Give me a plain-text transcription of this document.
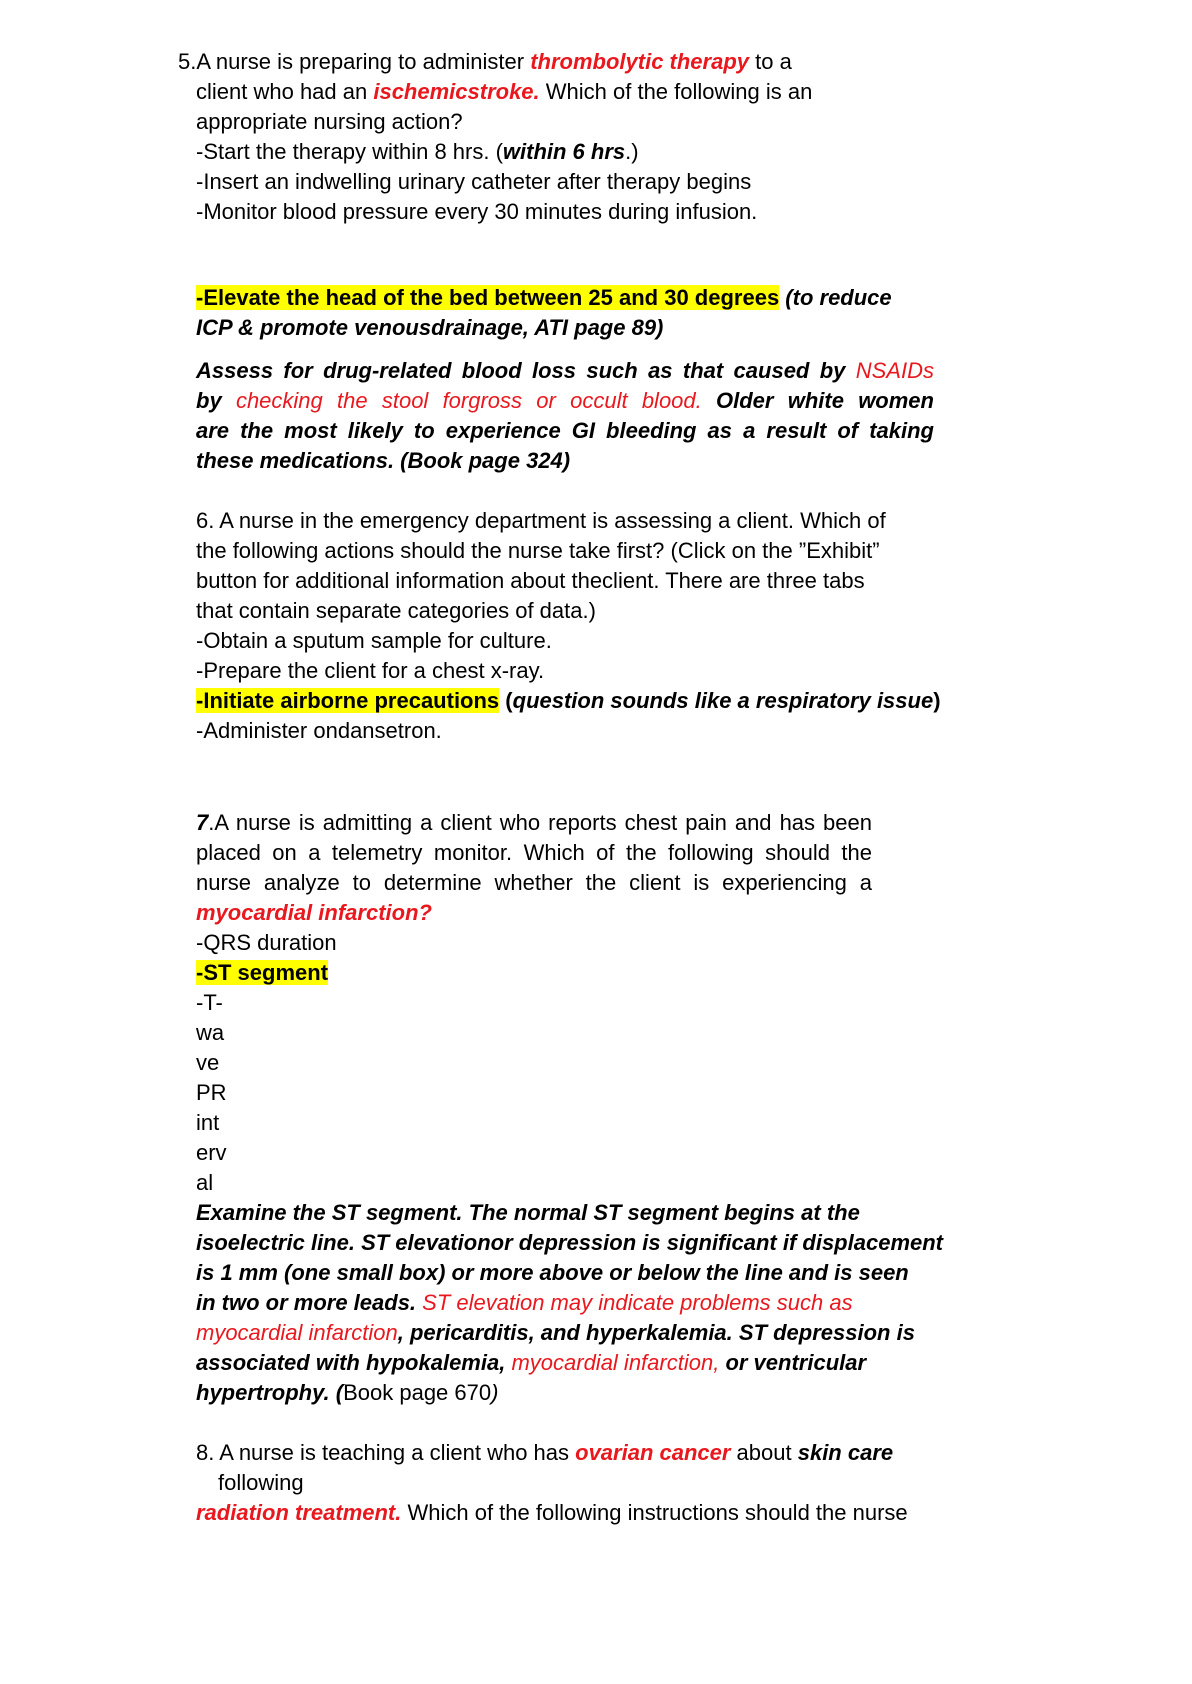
5.A nurse is preparing to administer thrombolytic therapy to a
client who had an ischemicstroke. Which of the following is an
appropriate nursing action?
-Start the therapy within 8 hrs. (within 6 hrs.)
-Insert an indwelling urinary catheter after therapy begins
-Monitor blood pressure every 30 minutes during infusion.
-Elevate the head of the bed between 25 and 30 degrees (to reduce
ICP & promote venousdrainage, ATI page 89)
Assess for drug-related blood loss such as that caused by NSAIDs
by checking the stool forgross or occult blood. Older white women
are the most likely to experience GI bleeding as a result of taking
these medications. (Book page 324)
6. A nurse in the emergency department is assessing a client. Which of
the following actions should the nurse take first? (Click on the ”Exhibit”
button for additional information about theclient. There are three tabs
that contain separate categories of data.)
-Obtain a sputum sample for culture.
-Prepare the client for a chest x-ray.
-Initiate airborne precautions (question sounds like a respiratory issue)
-Administer ondansetron.
7.A nurse is admitting a client who reports chest pain and has been
placed on a telemetry monitor. Which of the following should the
nurse analyze to determine whether the client is experiencing a
myocardial infarction?
-QRS duration
-ST segment
-T-
wa
ve
PR
int
erv
al
Examine the ST segment. The normal ST segment begins at the
isoelectric line. ST elevationor depression is significant if displacement
is 1 mm (one small box) or more above or below the line and is seen
in two or more leads. ST elevation may indicate problems such as
myocardial infarction, pericarditis, and hyperkalemia. ST depression is
associated with hypokalemia, myocardial infarction, or ventricular
hypertrophy. (Book page 670)
8. A nurse is teaching a client who has ovarian cancer about skin care
following
radiation treatment. Which of the following instructions should the nurse
